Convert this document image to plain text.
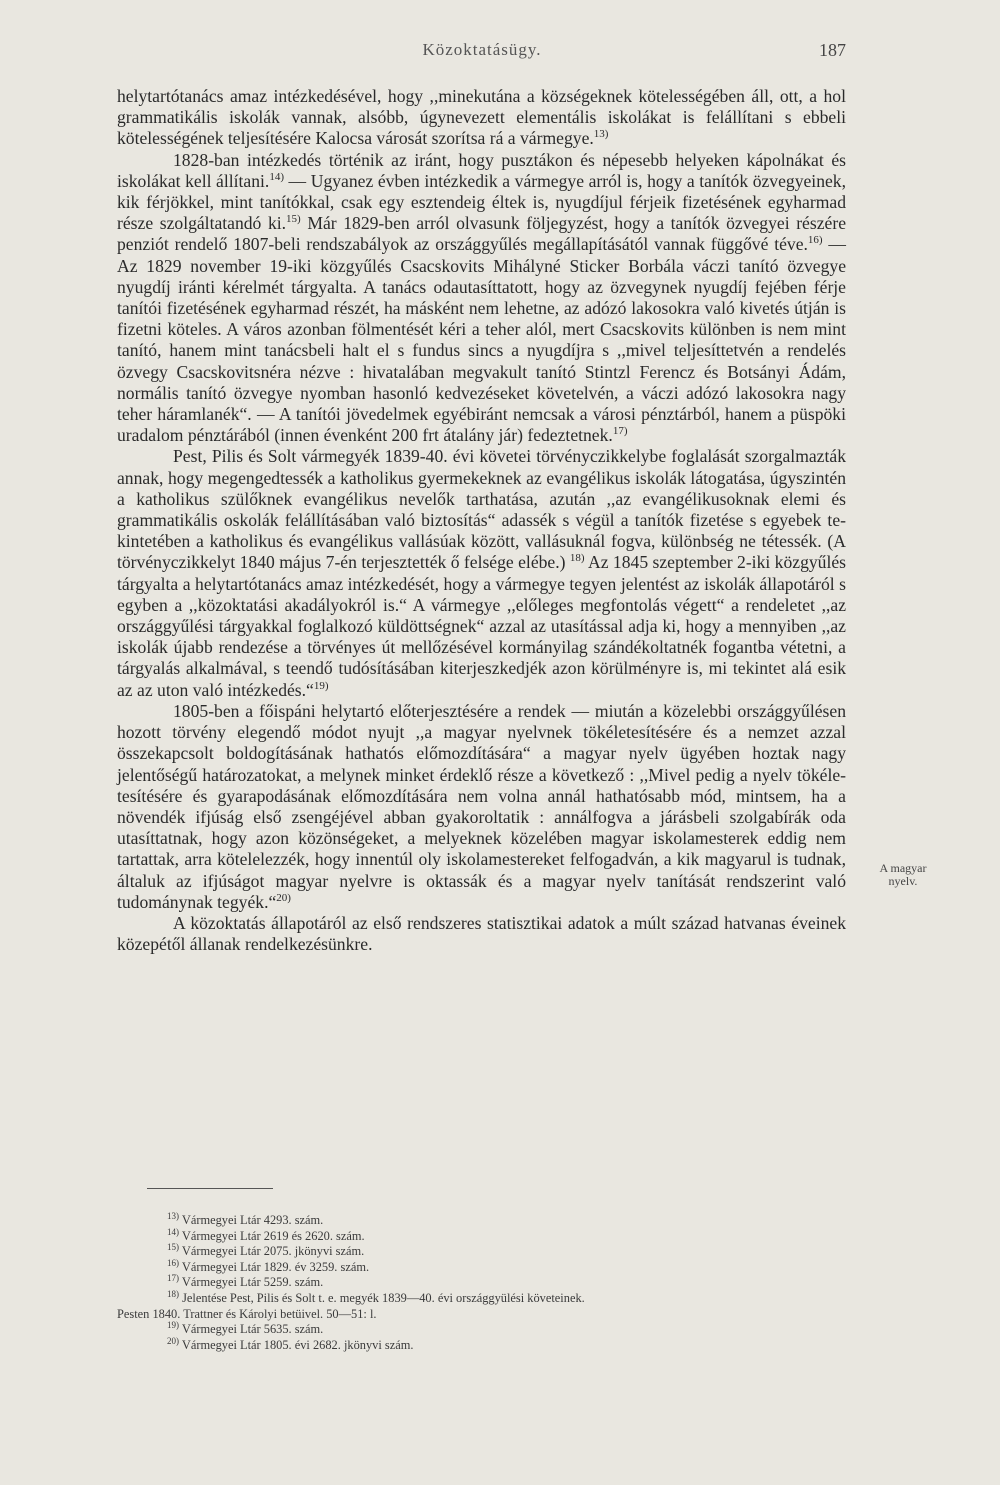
Közoktatásügy.	187

helytartótanács amaz intézkedésével, hogy ,,minekutána a községeknek kötelességében áll, ott, a hol grammatikális iskolák vannak, alsóbb, úgynevezett elementális iskolákat is felállítani s ebbeli kötelességének teljesítésére Kalocsa városát szorítsa rá a vármegye.$^{13)}$

1828-ban intézkedés történik az iránt, hogy pusztákon és népesebb helyeken kápolnákat és iskolákat kell állítani.$^{14)}$ — Ugyanez évben intézkedik a vármegye arról is, hogy a tanítók özvegyeinek, kik férjökkel, mint tanítókkal, csak egy esztendeig éltek is, nyugdíjul férjeik fizetésének egyharmad része szolgáltatandó ki.$^{15)}$ Már 1829-ben arról olvasunk följegyzést, hogy a tanítók özvegyei részére penziót rendelő 1807-beli rendszabályok az országgyűlés megállapításától vannak függővé téve.$^{16)}$ — Az 1829 november 19-iki közgyűlés Csacskovits Mihályné Sticker Borbála váczi tanító özvegye nyugdíj iránti kérelmét tárgyalta. A tanács odautasíttatott, hogy az özvegynek nyugdíj fejében férje tanítói fizetésének egyharmad részét, ha másként nem lehetne, az adózó lakosokra való kivetés útján is fizetni köteles. A város azonban fölmentését kéri a teher alól, mert Csacskovits különben is nem mint tanító, hanem mint tanácsbeli halt el s fundus sincs a nyugdíjra s ,,mivel teljesíttetvén a rendelés özvegy Csacskovitsnéra nézve : hivatalában megvakult tanító Stintzl Ferencz és Botsányi Ádám, normális tanító özvegye nyomban hasonló kedvezéseket követelvén, a váczi adózó lakosokra nagy teher háramlanék“. — A tanítói jövedelmek egyébiránt nemcsak a városi pénztárból, hanem a püspöki uradalom pénztárából (innen évenként 200 frt átalány jár) fedeztetnek.$^{17)}$

Pest, Pilis és Solt vármegyék 1839-40. évi követei törvényczikkelybe foglalását szorgalmazták annak, hogy megengedtessék a katholikus gyermekeknek az evangélikus iskolák látogatása, úgyszintén a katholikus szülőknek evangélikus nevelők tarthatása, azután ,,az evangélikusoknak elemi és grammatikális oskolák felállításában való biztosítás“ adassék s végül a tanítók fizetése s egyebek tekintetében a katholikus és evangélikus vallásúak között, vallásuknál fogva, különbség ne tétessék. (A törvényczikkelyt 1840 május 7-én terjesztették ő felsége elébe.) $^{18)}$ Az 1845 szeptember 2-iki közgyűlés tárgyalta a helytartótanács amaz intézkedését, hogy a vármegye tegyen jelentést az iskolák állapotáról s egyben a ,,közoktatási akadályokról is.“ A vármegye ,,előleges megfontolás végett“ a rendeletet ,,az országgyűlési tárgyakkal foglalkozó küldöttségnek“ azzal az utasítással adja ki, hogy a mennyiben ,,az iskolák újabb rendezése a törvényes út mellőzésével kormányilag szándékoltatnék fogantba vétetni, a tárgyalás alkalmával, s teendő tudósításában kiterjeszkedjék azon körülményre is, mi tekintet alá esik az az uton való intézkedés.“$^{19)}$

1805-ben a főispáni helytartó előterjesztésére a rendek — miután a közelebbi országgyűlésen hozott törvény elegendő módot nyujt ,,a magyar nyelvnek tökéletesítésére és a nemzet azzal összekapcsolt boldogításának hathatós előmozdítására“ a magyar nyelv ügyében hoztak nagy jelentőségű határozatokat, a melynek minket érdeklő része a következő : ,,Mivel pedig a nyelv tökéletesítésére és gyarapodásának előmozdítására nem volna annál hathatósabb mód, mintsem, ha a növendék ifjúság első zsengéjével abban gyakoroltatik : annálfogva a járásbeli szolgabírák oda utasíttatnak, hogy azon közönségeket, a melyeknek közelében magyar iskolamesterek eddig nem tartattak, arra kötelelezzék, hogy innentúl oly iskolamestereket felfogadván, a kik magyarul is tudnak, általuk az ifjúságot magyar nyelvre is oktassák és a magyar nyelv tanítását rendszerint való tudománynak tegyék.“$^{20)}$

A közoktatás állapotáról az első rendszeres statisztikai adatok a múlt század hatvanas éveinek közepétől állanak rendelkezésünkre.

A magyar nyelv.
$^{13)}$ Vármegyei Ltár 4293. szám.
$^{14)}$ Vármegyei Ltár 2619 és 2620. szám.
$^{15)}$ Vármegyei Ltár 2075. jkönyvi szám.
$^{16)}$ Vármegyei Ltár 1829. év 3259. szám.
$^{17)}$ Vármegyei Ltár 5259. szám.
$^{18)}$ Jelentése Pest, Pilis és Solt t. e. megyék 1839—40. évi országgyülési követeinek.
Pesten 1840. Trattner és Károlyi betüivel. 50—51: l.
$^{19)}$ Vármegyei Ltár 5635. szám.
$^{20)}$ Vármegyei Ltár 1805. évi 2682. jkönyvi szám.
